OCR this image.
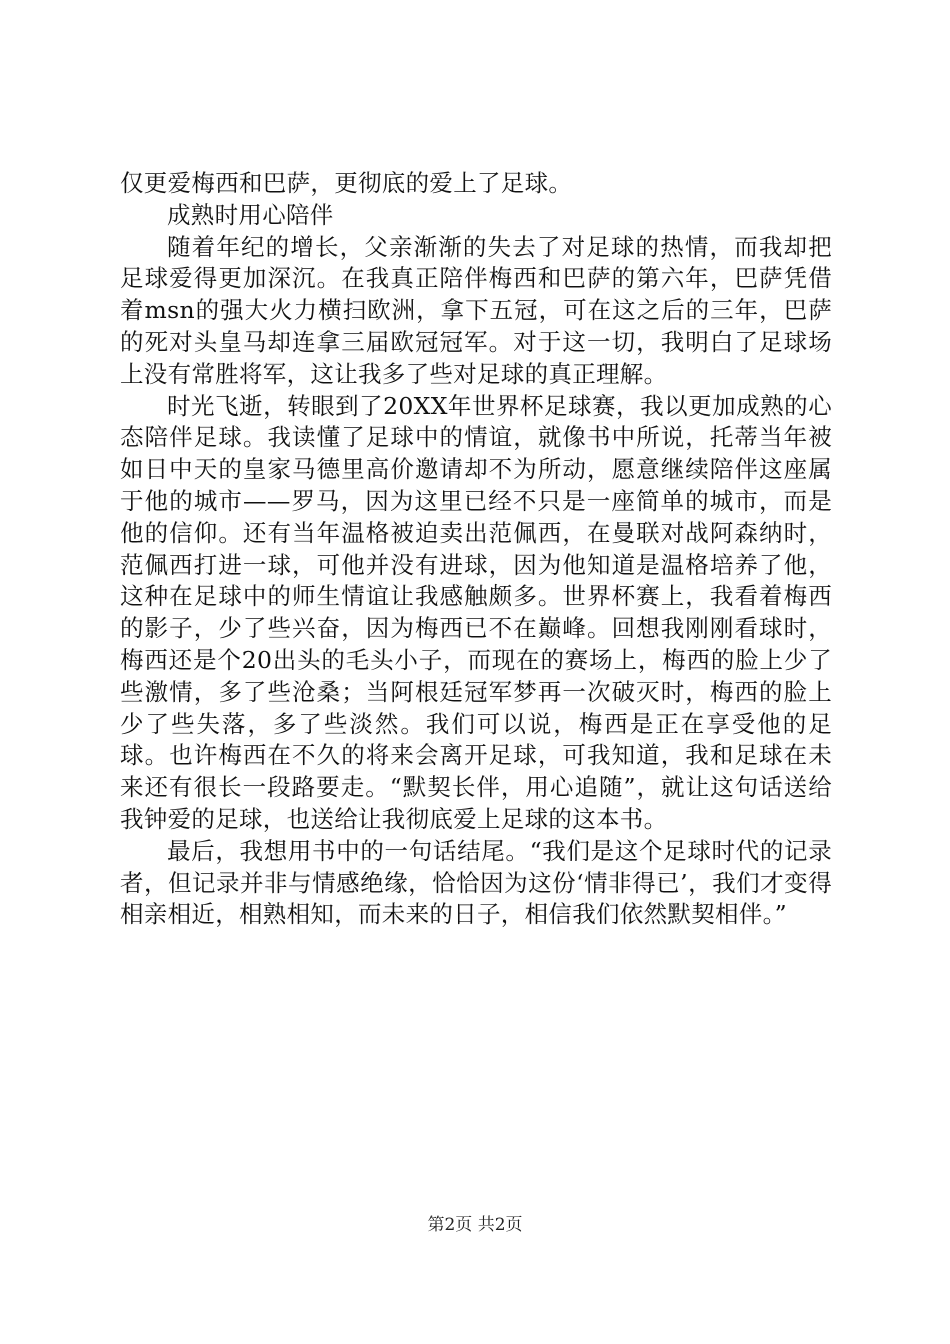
仅更爱梅西和巴萨，更彻底的爱上了足球。

成熟时用心陪伴

随着年纪的增长，父亲渐渐的失去了对足球的热情，而我却把足球爱得更加深沉。在我真正陪伴梅西和巴萨的第六年，巴萨凭借着msn的强大火力横扫欧洲，拿下五冠，可在这之后的三年，巴萨的死对头皇马却连拿三届欧冠冠军。对于这一切，我明白了足球场上没有常胜将军，这让我多了些对足球的真正理解。

时光飞逝，转眼到了20XX年世界杯足球赛，我以更加成熟的心态陪伴足球。我读懂了足球中的情谊，就像书中所说，托蒂当年被如日中天的皇家马德里高价邀请却不为所动，愿意继续陪伴这座属于他的城市——罗马，因为这里已经不只是一座简单的城市，而是他的信仰。还有当年温格被迫卖出范佩西，在曼联对战阿森纳时，范佩西打进一球，可他并没有进球，因为他知道是温格培养了他，这种在足球中的师生情谊让我感触颇多。世界杯赛上，我看着梅西的影子，少了些兴奋，因为梅西已不在巅峰。回想我刚刚看球时，梅西还是个20出头的毛头小子，而现在的赛场上，梅西的脸上少了些激情，多了些沧桑；当阿根廷冠军梦再一次破灭时，梅西的脸上少了些失落，多了些淡然。我们可以说，梅西是正在享受他的足球。也许梅西在不久的将来会离开足球，可我知道，我和足球在未来还有很长一段路要走。“默契长伴，用心追随”，就让这句话送给我钟爱的足球，也送给让我彻底爱上足球的这本书。

最后，我想用书中的一句话结尾。“我们是这个足球时代的记录者，但记录并非与情感绝缘，恰恰因为这份‘情非得已’，我们才变得相亲相近，相熟相知，而未来的日子，相信我们依然默契相伴。”

第2页 共2页
